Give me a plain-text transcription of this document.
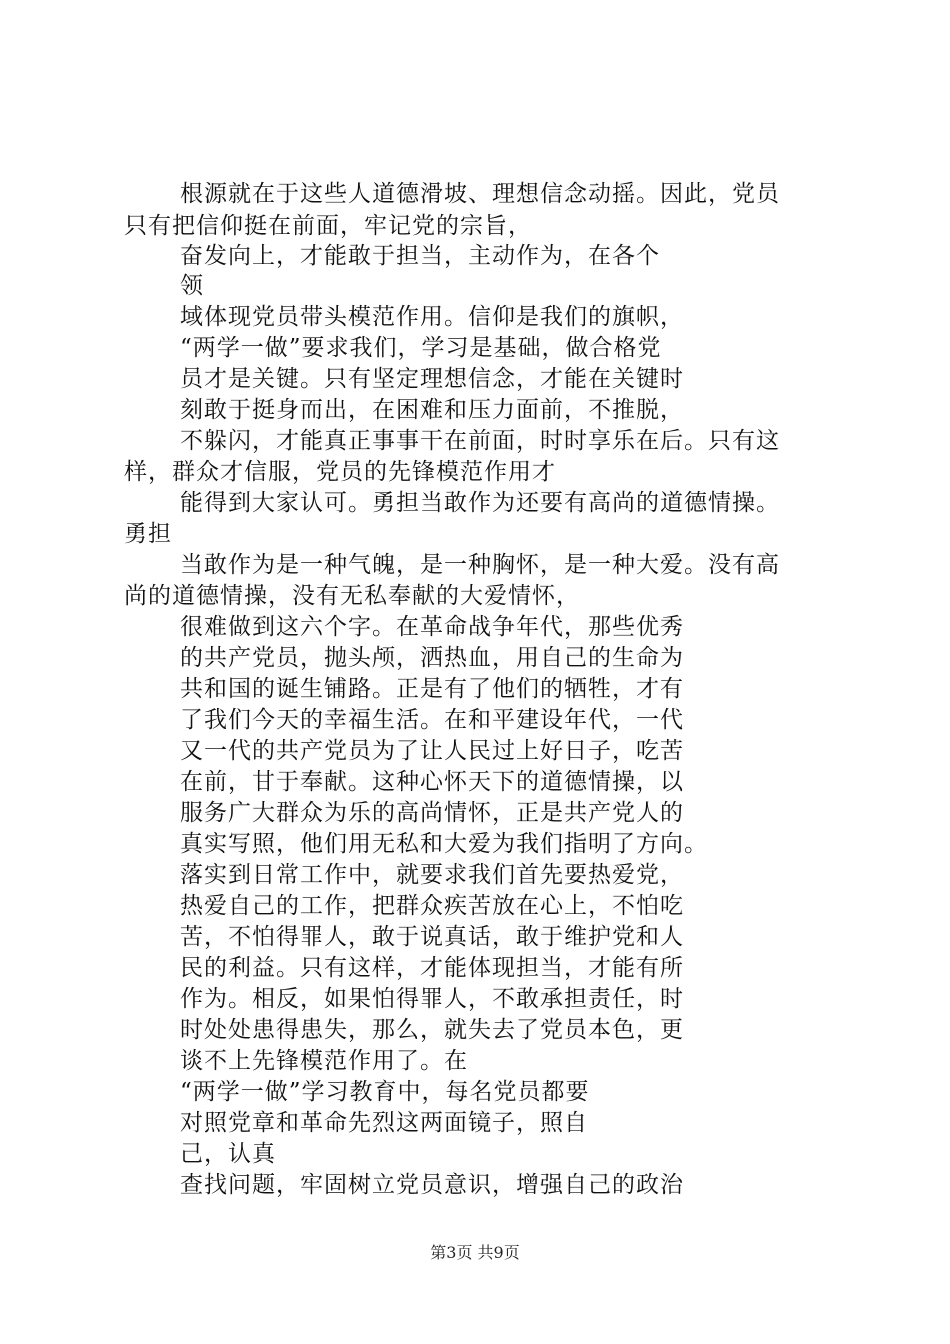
根源就在于这些人道德滑坡、理想信念动摇。因此，党员
只有把信仰挺在前面，牢记党的宗旨，
奋发向上，才能敢于担当，主动作为，在各个
领
域体现党员带头模范作用。信仰是我们的旗帜，
“两学一做”要求我们，学习是基础，做合格党
员才是关键。只有坚定理想信念，才能在关键时
刻敢于挺身而出，在困难和压力面前，不推脱，
不躲闪，才能真正事事干在前面，时时享乐在后。只有这
样，群众才信服，党员的先锋模范作用才
能得到大家认可。勇担当敢作为还要有高尚的道德情操。
勇担
当敢作为是一种气魄，是一种胸怀，是一种大爱。没有高
尚的道德情操，没有无私奉献的大爱情怀，
很难做到这六个字。在革命战争年代，那些优秀
的共产党员，抛头颅，洒热血，用自己的生命为
共和国的诞生铺路。正是有了他们的牺牲，才有
了我们今天的幸福生活。在和平建设年代，一代
又一代的共产党员为了让人民过上好日子，吃苦
在前，甘于奉献。这种心怀天下的道德情操，以
服务广大群众为乐的高尚情怀，正是共产党人的
真实写照，他们用无私和大爱为我们指明了方向。
落实到日常工作中，就要求我们首先要热爱党，
热爱自己的工作，把群众疾苦放在心上，不怕吃
苦，不怕得罪人，敢于说真话，敢于维护党和人
民的利益。只有这样，才能体现担当，才能有所
作为。相反，如果怕得罪人，不敢承担责任，时
时处处患得患失，那么，就失去了党员本色，更
谈不上先锋模范作用了。在
“两学一做”学习教育中，每名党员都要
对照党章和革命先烈这两面镜子，照自
己，认真
查找问题，牢固树立党员意识，增强自己的政治
第3页 共9页
